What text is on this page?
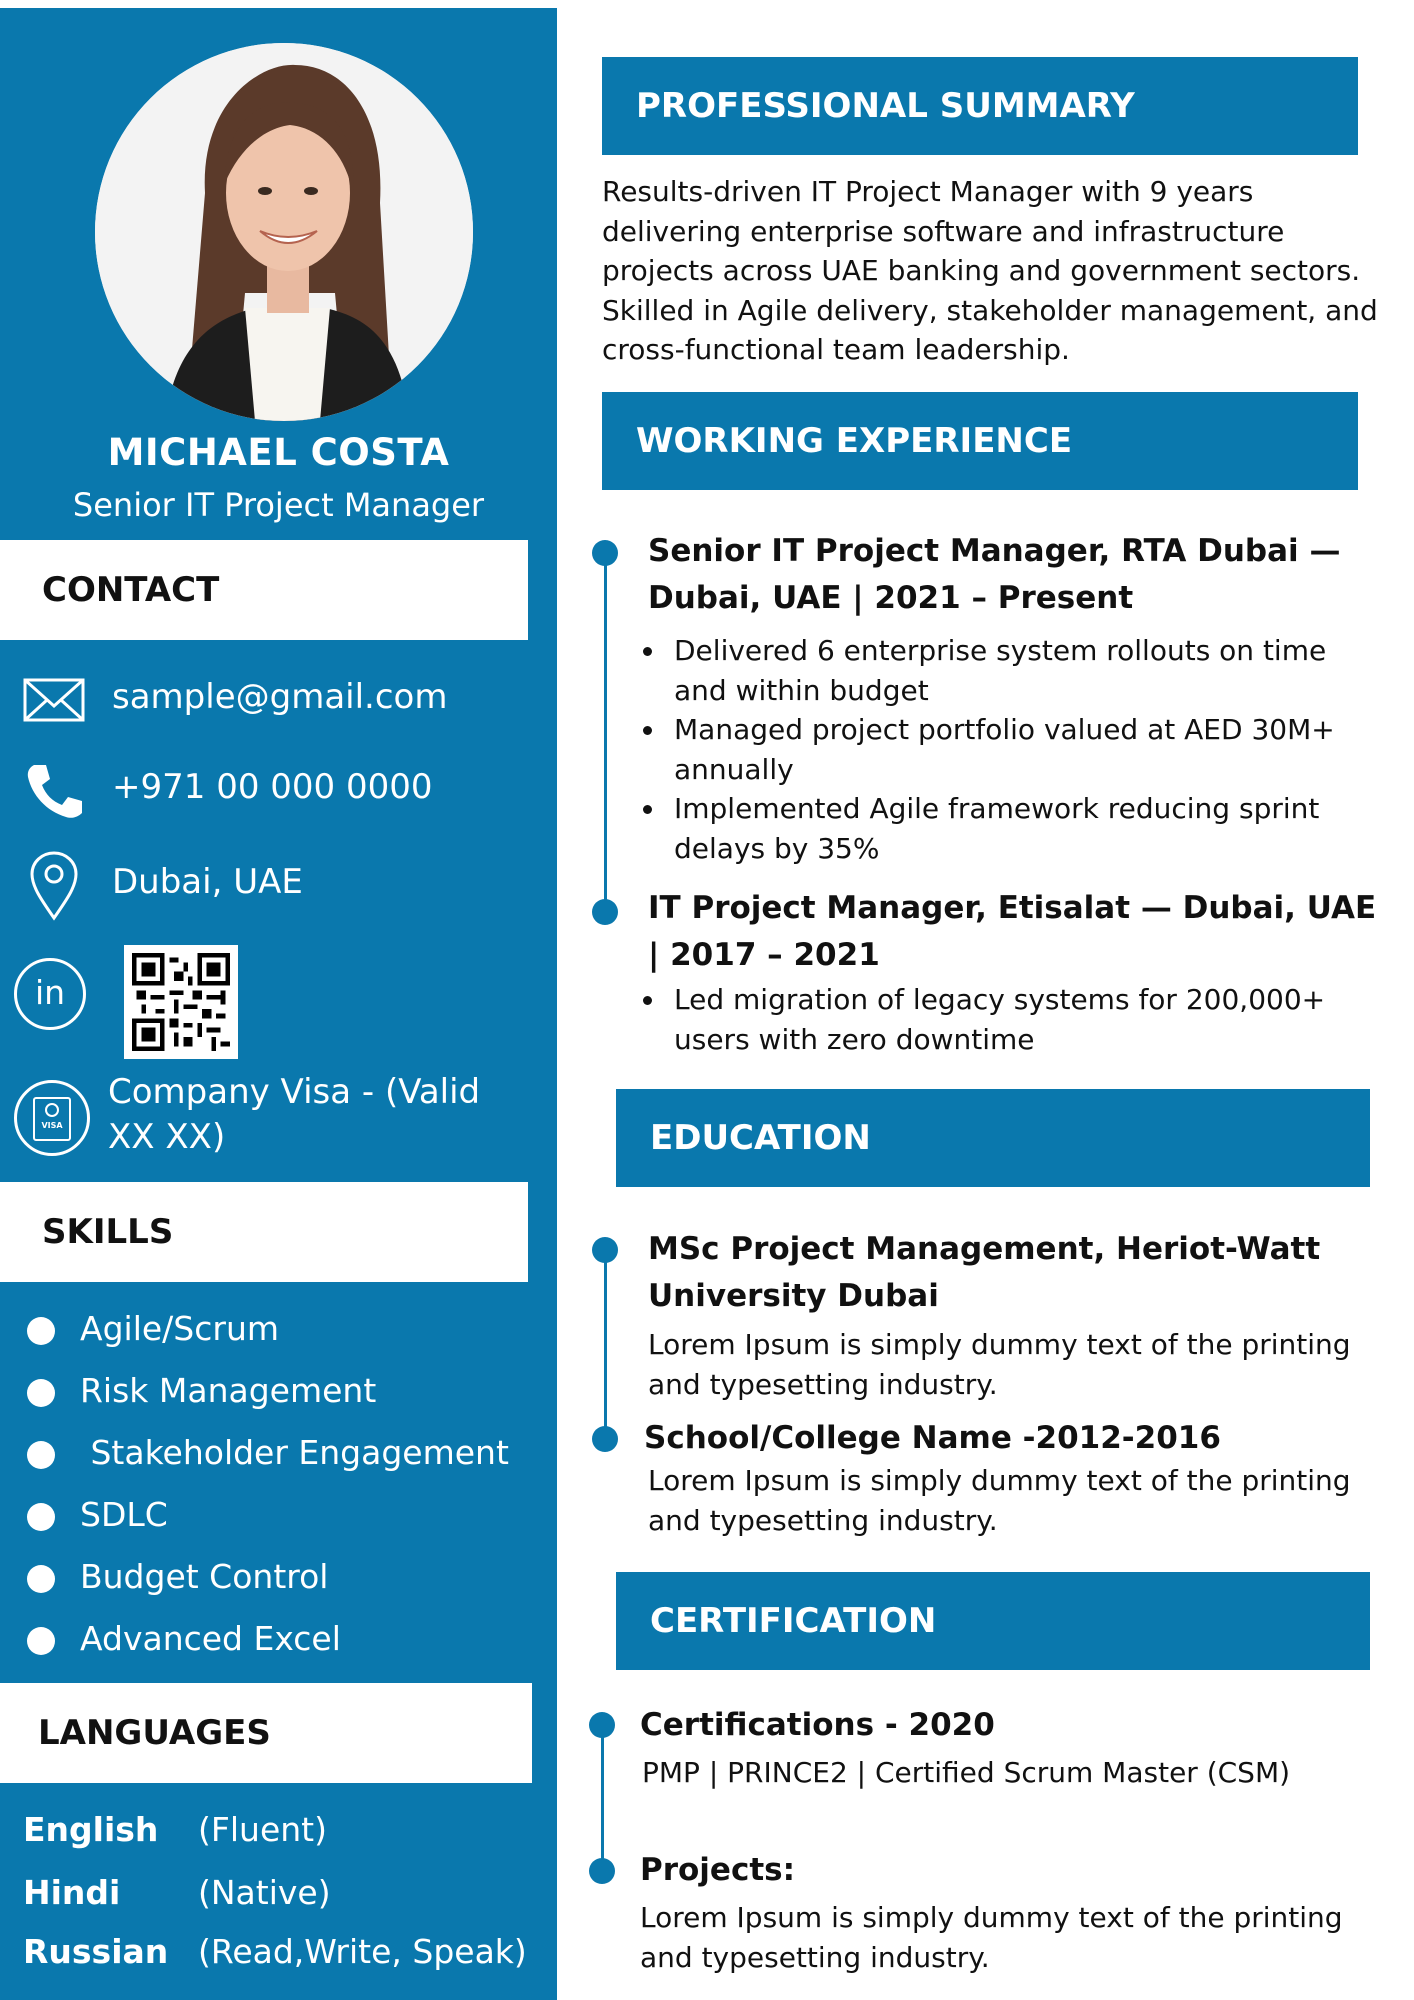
MICHAEL COSTA
Senior IT Project Manager
CONTACT
sample@gmail.com
+971 00 000 0000
Dubai, UAE
in
VISA
Company Visa - (Valid
XX XX)
SKILLS
Agile/Scrum
Risk Management
Stakeholder Engagement
SDLC
Budget Control
Advanced Excel
LANGUAGES
English (Fluent)
Hindi (Native)
Russian (Read,Write, Speak)
PROFESSIONAL SUMMARY
Results-driven IT Project Manager with 9 years delivering enterprise software and infrastructure projects across UAE banking and government sectors. Skilled in Agile delivery, stakeholder management, and cross-functional team leadership.
WORKING EXPERIENCE
Senior IT Project Manager, RTA Dubai — Dubai, UAE | 2021 – Present
Delivered 6 enterprise system rollouts on time and within budget
Managed project portfolio valued at AED 30M+ annually
Implemented Agile framework reducing sprint delays by 35%
IT Project Manager, Etisalat — Dubai, UAE | 2017 – 2021
Led migration of legacy systems for 200,000+ users with zero downtime
EDUCATION
MSc Project Management, Heriot-Watt University Dubai
Lorem Ipsum is simply dummy text of the printing and typesetting industry.
School/College Name -2012-2016
Lorem Ipsum is simply dummy text of the printing and typesetting industry.
CERTIFICATION
Certifications - 2020
PMP | PRINCE2 | Certified Scrum Master (CSM)
Projects:
Lorem Ipsum is simply dummy text of the printing and typesetting industry.
